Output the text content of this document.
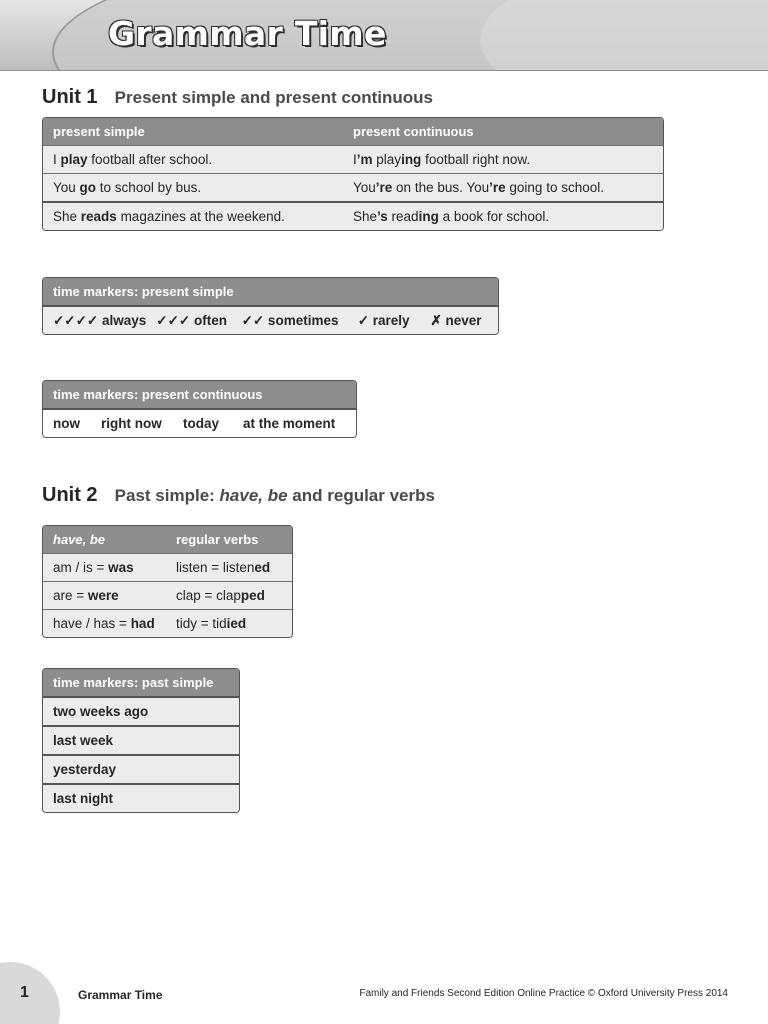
Grammar Time
Unit 1 Present simple and present continuous
present simple	present continuous
I play football after school.	I’m playing football right now.
You go to school by bus.	You’re on the bus. You’re going to school.
She reads magazines at the weekend.	She’s reading a book for school.
time markers: present simple
✓✓✓✓ always ✓✓✓ often	✓✓ sometimes	✓ rarely	✗ never
time markers: present continuous
now	right now	today	at the moment
Unit 2 Past simple: have, be and regular verbs
have, be	regular verbs
am / is = was	listen = listened
are = were	clap = clapped
have / has = had	tidy = tidied
time markers: past simple
two weeks ago
last week
yesterday
last night
1	Grammar Time	Family and Friends Second Edition Online Practice © Oxford University Press 2014
